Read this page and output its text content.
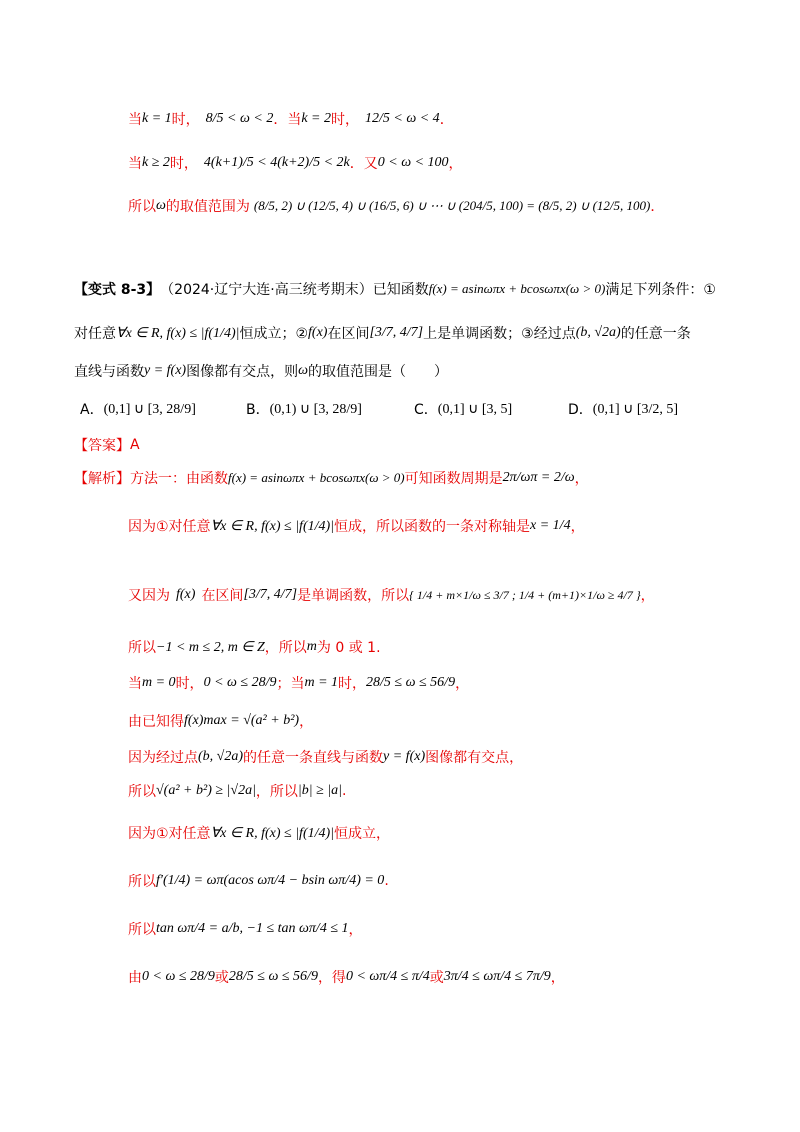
当 k = 1 时， 8/5 < ω < 2 ．当 k = 2 时， 12/5 < ω < 4 ．
当 k ≥ 2 时， 4(k+1)/5 < 4(k+2)/5 < 2k ．又 0 < ω < 100 ，
所以 ω 的取值范围为 (8/5, 2) ∪ (12/5, 4) ∪ (16/5, 6) ∪ ⋯ ∪ (204/5, 100) = (8/5, 2) ∪ (12/5, 100) ．
【变式 8-3】 （2024·辽宁大连·高三统考期末） 已知函数 f(x) = asinωπx + bcosωπx(ω > 0) 满足下列条件：①
对任意 ∀x ∈ R, f(x) ≤ |f(1/4)| 恒成立；② f(x) 在区间 [3/7, 4/7] 上是单调函数；③经过点 (b, √2a) 的任意一条
直线与函数 y = f(x) 图像都有交点，则 ω 的取值范围是（　　）
A． (0,1] ∪ [3, 28/9]	B． (0,1) ∪ [3, 28/9]	C． (0,1] ∪ [3, 5]	D． (0,1] ∪ [3/2, 5]
【答案】 A
【解析】 方法一：由函数 f(x) = asinωπx + bcosωπx(ω > 0) 可知函数周期是 2π/ωπ = 2/ω ，
因为①对任意 ∀x ∈ R, f(x) ≤ |f(1/4)| 恒成，所以函数的一条对称轴是 x = 1/4 ，
又因为 f(x) 在区间 [3/7, 4/7] 是单调函数，所以 { 1/4 + m×1/ω ≤ 3/7 ; 1/4 + (m+1)×1/ω ≥ 4/7 } ，
所以 −1 < m ≤ 2, m ∈ Z ，所以 m 为 0 或 1.
当 m = 0 时， 0 < ω ≤ 28/9 ；当 m = 1 时， 28/5 ≤ ω ≤ 56/9 ，
由已知得 f(x)max = √(a² + b²) ，
因为经过点 (b, √2a) 的任意一条直线与函数 y = f(x) 图像都有交点，
所以 √(a² + b²) ≥ |√2a| ，所以 |b| ≥ |a| .
因为①对任意 ∀x ∈ R, f(x) ≤ |f(1/4)| 恒成立，
所以 f′(1/4) = ωπ(acos ωπ/4 − bsin ωπ/4) = 0 .
所以 tan ωπ/4 = a/b, −1 ≤ tan ωπ/4 ≤ 1 ，
由 0 < ω ≤ 28/9 或 28/5 ≤ ω ≤ 56/9 ，得 0 < ωπ/4 ≤ π/4 或 3π/4 ≤ ωπ/4 ≤ 7π/9 ，
